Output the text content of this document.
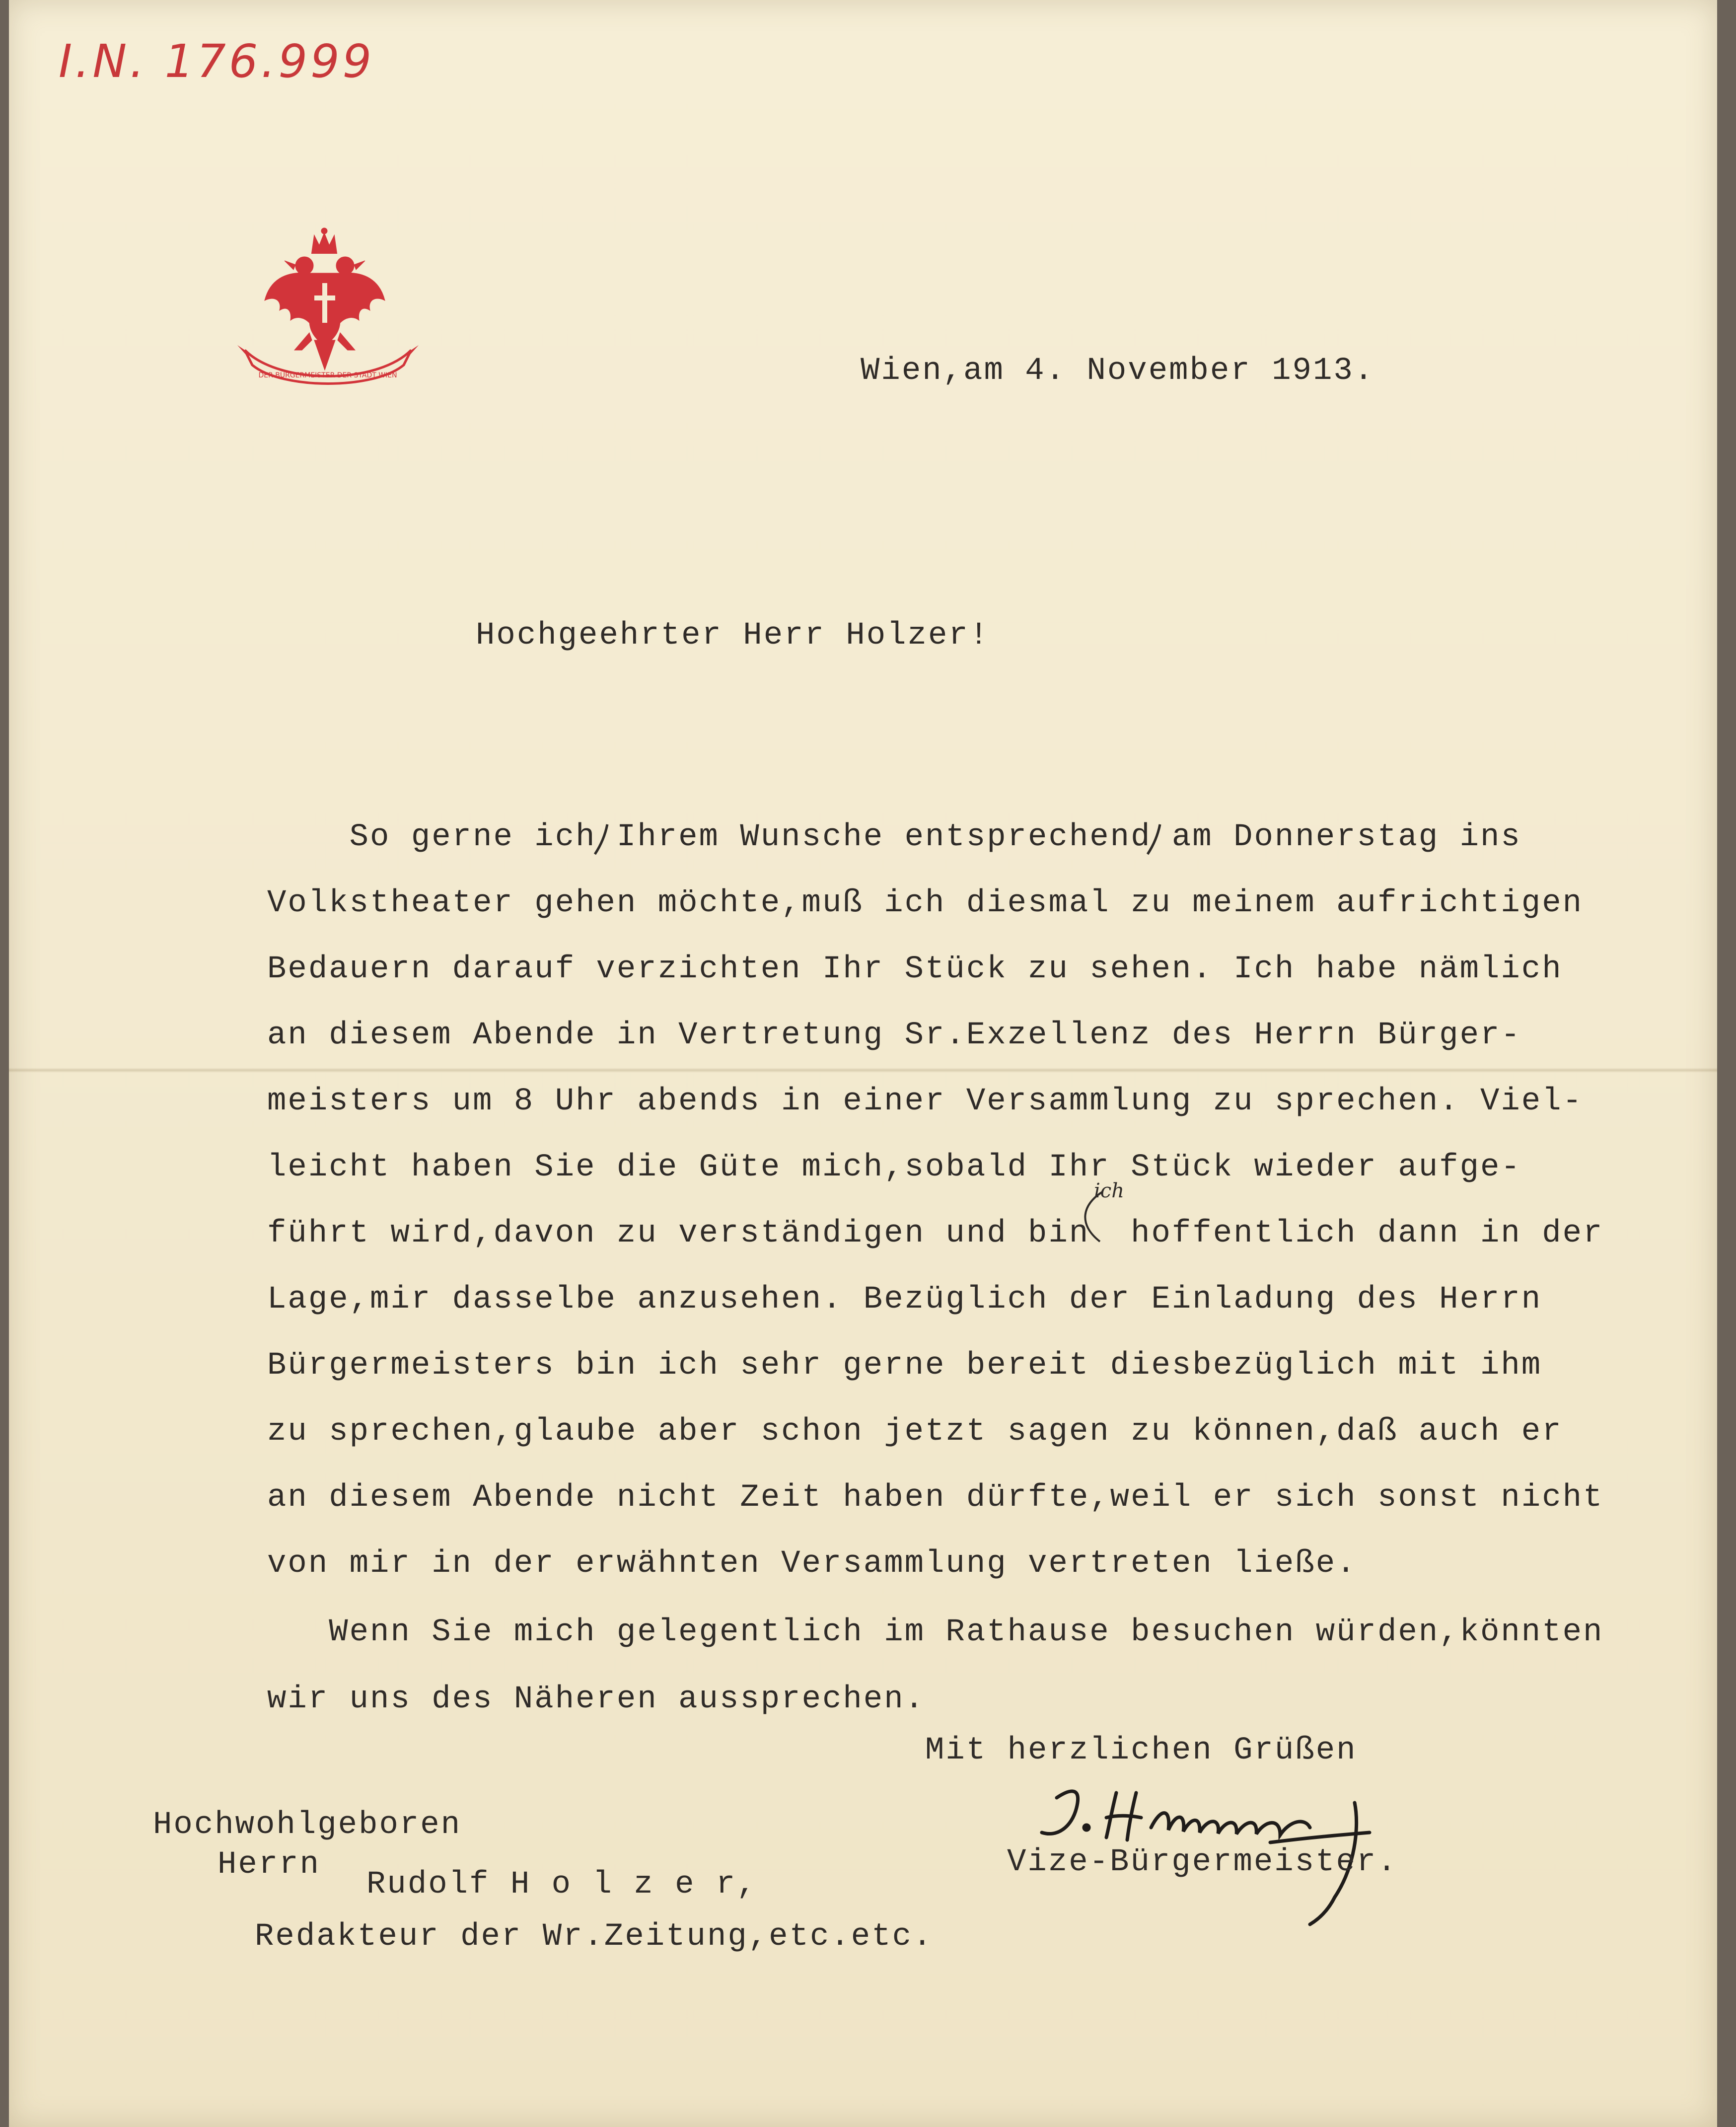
I.N. 176.999
DER BÜRGERMEISTER DER STADT WIEN	Wien,am 4. November 1913.
Hochgeehrter Herr Holzer!
So gerne ich Ihrem Wunsche entsprechend am Donnerstag ins
Volkstheater gehen möchte,muß ich diesmal zu meinem aufrichtigen
Bedauern darauf verzichten Ihr Stück zu sehen. Ich habe nämlich
an diesem Abende in Vertretung Sr.Exzellenz des Herrn Bürger-
meisters um 8 Uhr abends in einer Versammlung zu sprechen. Viel-
leicht haben Sie die Güte mich,sobald Ihr Stück wieder aufge-
führt wird,davon zu verständigen und bin  hoffentlich dann in der
Lage,mir dasselbe anzusehen. Bezüglich der Einladung des Herrn
Bürgermeisters bin ich sehr gerne bereit diesbezüglich mit ihm
zu sprechen,glaube aber schon jetzt sagen zu können,daß auch er
an diesem Abende nicht Zeit haben dürfte,weil er sich sonst nicht
von mir in der erwähnten Versammlung vertreten ließe.
ich
Wenn Sie mich gelegentlich im Rathause besuchen würden,könnten
wir uns des Näheren aussprechen.
Mit herzlichen Grüßen
Vize-Bürgermeister.
Hochwohlgeboren
Herrn
Rudolf H o l z e r,
Redakteur der Wr.Zeitung,etc.etc.
